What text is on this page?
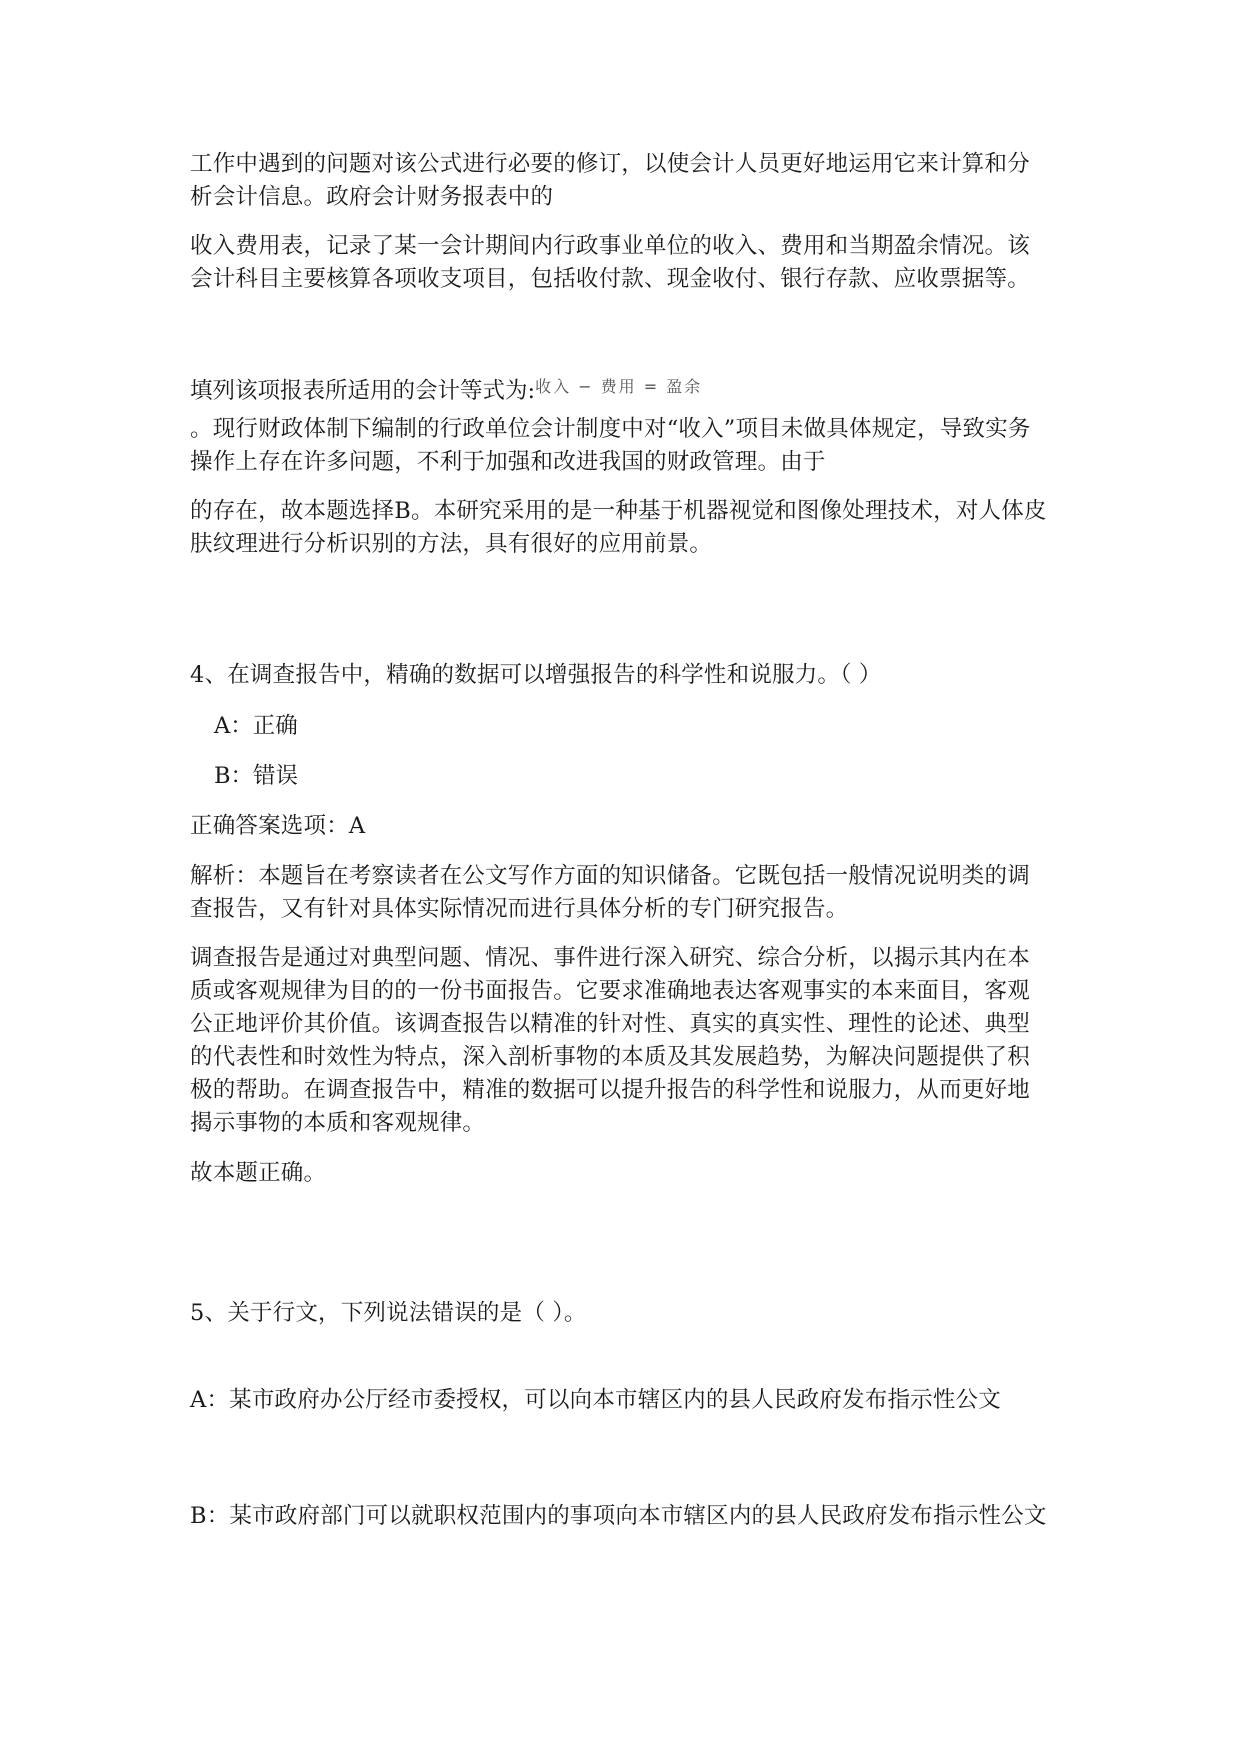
工作中遇到的问题对该公式进行必要的修订，以使会计人员更好地运用它来计算和分析会计信息。政府会计财务报表中的

收入费用表，记录了某一会计期间内行政事业单位的收入、费用和当期盈余情况。该会计科目主要核算各项收支项目，包括收付款、现金收付、银行存款、应收票据等。

填列该项报表所适用的会计等式为:收入 − 费用 = 盈余

。现行财政体制下编制的行政单位会计制度中对“收入”项目未做具体规定，导致实务操作上存在许多问题，不利于加强和改进我国的财政管理。由于

的存在，故本题选择B。本研究采用的是一种基于机器视觉和图像处理技术，对人体皮肤纹理进行分析识别的方法，具有很好的应用前景。

4、在调查报告中，精确的数据可以增强报告的科学性和说服力。（ ）

A：正确

B：错误

正确答案选项：A

解析：本题旨在考察读者在公文写作方面的知识储备。它既包括一般情况说明类的调查报告，又有针对具体实际情况而进行具体分析的专门研究报告。

调查报告是通过对典型问题、情况、事件进行深入研究、综合分析，以揭示其内在本质或客观规律为目的的一份书面报告。它要求准确地表达客观事实的本来面目，客观公正地评价其价值。该调查报告以精准的针对性、真实的真实性、理性的论述、典型的代表性和时效性为特点，深入剖析事物的本质及其发展趋势，为解决问题提供了积极的帮助。在调查报告中，精准的数据可以提升报告的科学性和说服力，从而更好地揭示事物的本质和客观规律。

故本题正确。

5、关于行文，下列说法错误的是（ ）。

A：某市政府办公厅经市委授权，可以向本市辖区内的县人民政府发布指示性公文

B：某市政府部门可以就职权范围内的事项向本市辖区内的县人民政府发布指示性公文
